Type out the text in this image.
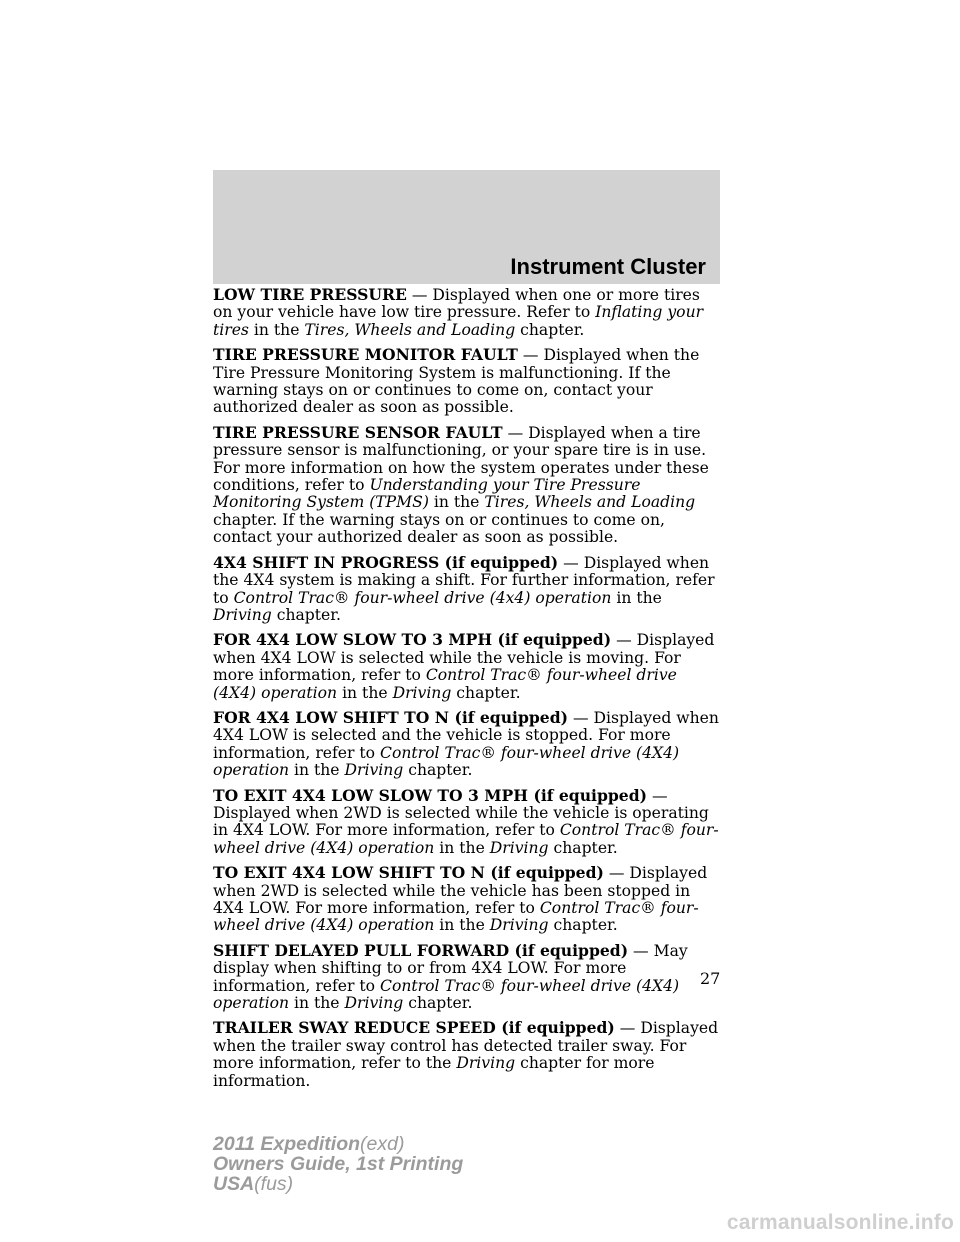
Instrument Cluster

LOW TIRE PRESSURE — Displayed when one or more tires on your vehicle have low tire pressure. Refer to Inflating your tires in the Tires, Wheels and Loading chapter.

TIRE PRESSURE MONITOR FAULT — Displayed when the Tire Pressure Monitoring System is malfunctioning. If the warning stays on or continues to come on, contact your authorized dealer as soon as possible.

TIRE PRESSURE SENSOR FAULT — Displayed when a tire pressure sensor is malfunctioning, or your spare tire is in use. For more information on how the system operates under these conditions, refer to Understanding your Tire Pressure Monitoring System (TPMS) in the Tires, Wheels and Loading chapter. If the warning stays on or continues to come on, contact your authorized dealer as soon as possible.

4X4 SHIFT IN PROGRESS (if equipped) — Displayed when the 4X4 system is making a shift. For further information, refer to Control Trac® four-wheel drive (4x4) operation in the Driving chapter.

FOR 4X4 LOW SLOW TO 3 MPH (if equipped) — Displayed when 4X4 LOW is selected while the vehicle is moving. For more information, refer to Control Trac® four-wheel drive (4X4) operation in the Driving chapter.

FOR 4X4 LOW SHIFT TO N (if equipped) — Displayed when 4X4 LOW is selected and the vehicle is stopped. For more information, refer to Control Trac® four-wheel drive (4X4) operation in the Driving chapter.

TO EXIT 4X4 LOW SLOW TO 3 MPH (if equipped) — Displayed when 2WD is selected while the vehicle is operating in 4X4 LOW. For more information, refer to Control Trac® four-wheel drive (4X4) operation in the Driving chapter.

TO EXIT 4X4 LOW SHIFT TO N (if equipped) — Displayed when 2WD is selected while the vehicle has been stopped in 4X4 LOW. For more information, refer to Control Trac® four-wheel drive (4X4) operation in the Driving chapter.

SHIFT DELAYED PULL FORWARD (if equipped) — May display when shifting to or from 4X4 LOW. For more information, refer to Control Trac® four-wheel drive (4X4) operation in the Driving chapter.

TRAILER SWAY REDUCE SPEED (if equipped) — Displayed when the trailer sway control has detected trailer sway. For more information, refer to the Driving chapter for more information.

27
2011 Expedition(exd)
Owners Guide, 1st Printing
USA(fus)
carmanualsonline.info
